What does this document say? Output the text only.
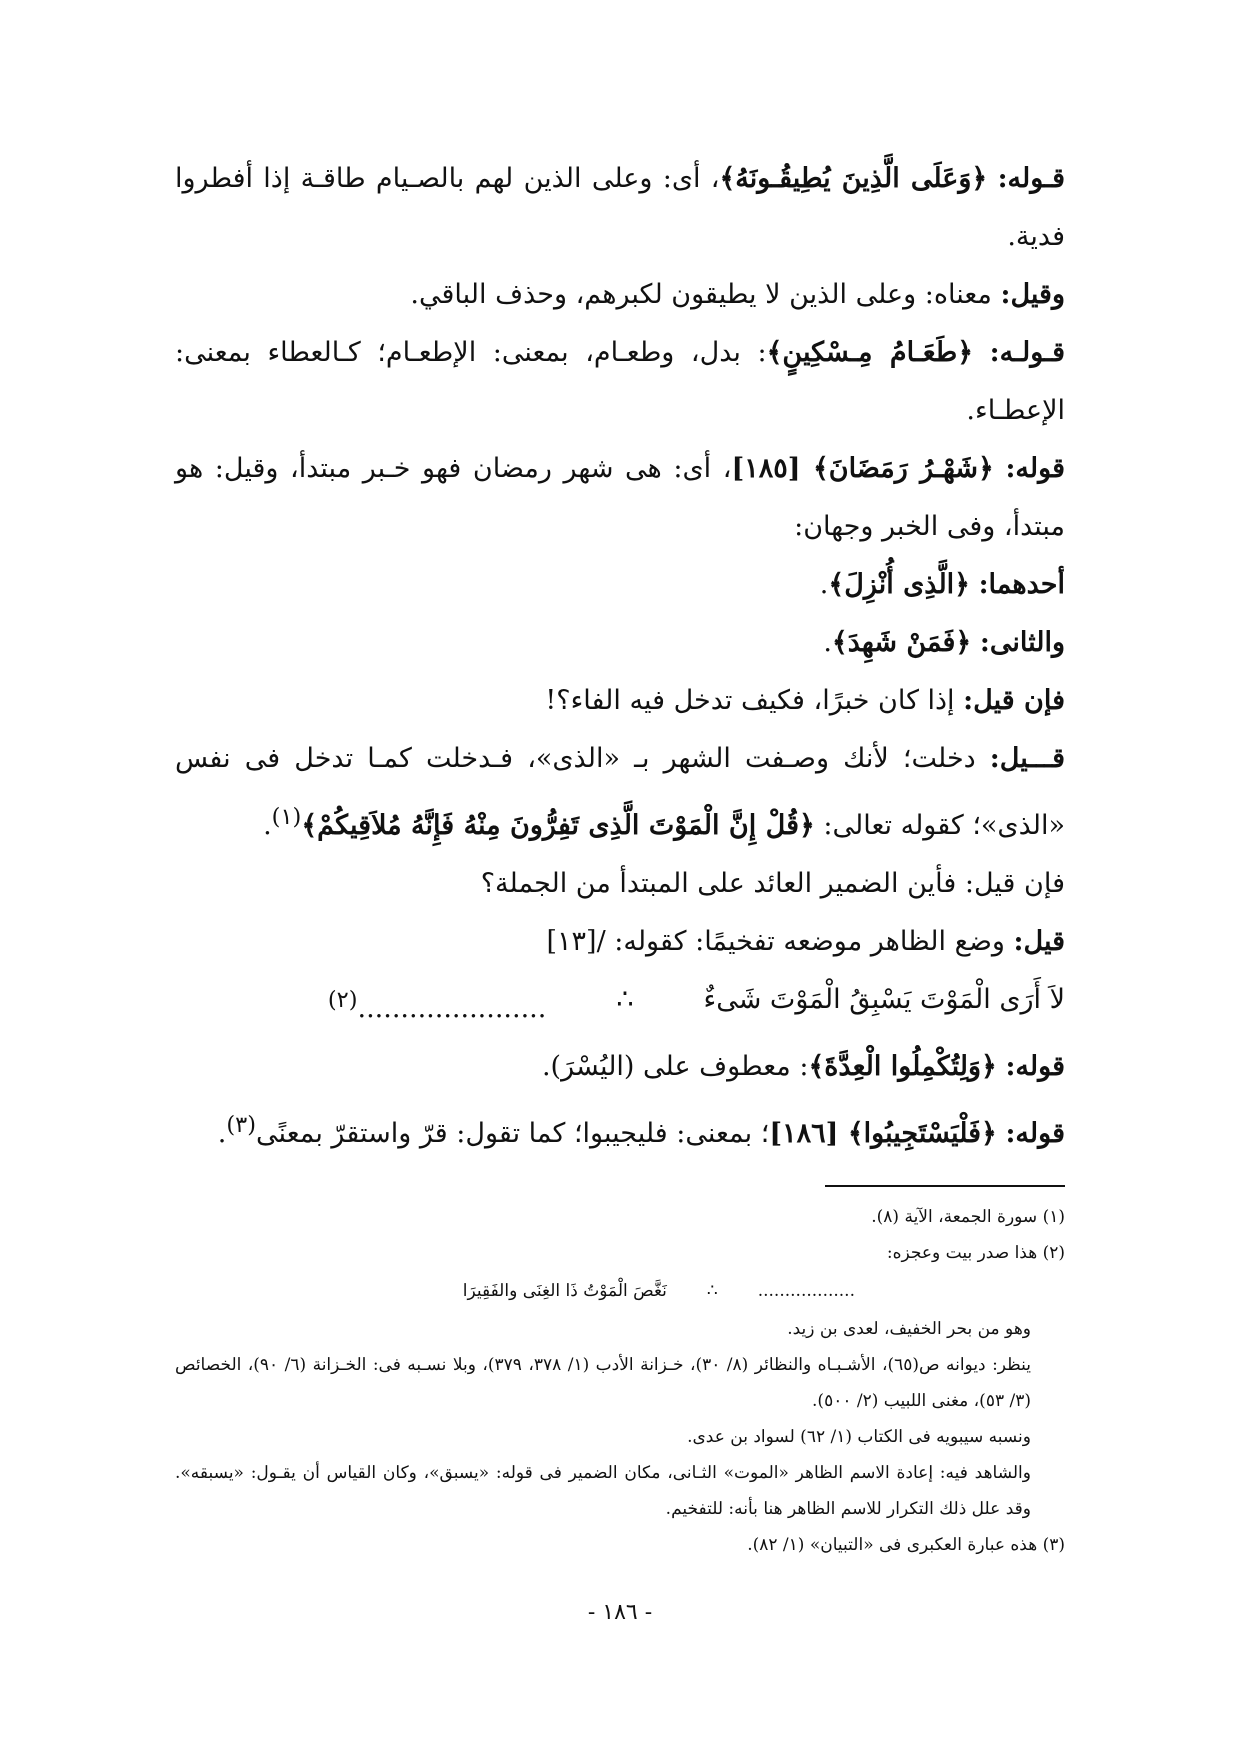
قـوله: ﴿وَعَلَى الَّذِينَ يُطِيقُـونَهُ﴾، أى: وعلى الذين لهم بالصـيام طاقـة إذا أفطروا فدية.

وقيل: معناه: وعلى الذين لا يطيقون لكبرهم، وحذف الباقي.

قـولـه: ﴿طَعَـامُ مِـسْكِينٍ﴾: بدل، وطعـام، بمعنى: الإطعـام؛ كـالعطاء بمعنى: الإعطـاء.

قوله: ﴿شَهْـرُ رَمَضَانَ﴾ [١٨٥]، أى: هى شهر رمضان فهو خـبر مبتدأ، وقيل: هو مبتدأ، وفى الخبر وجهان:

أحدهما: ﴿الَّذِى أُنْزِلَ﴾.

والثانى: ﴿فَمَنْ شَهِدَ﴾.

فإن قيل: إذا كان خبرًا، فكيف تدخل فيه الفاء؟!

قـــيل: دخلت؛ لأنك وصـفت الشهر بـ «الذى»، فـدخلت كمـا تدخل فى نفس «الذى»؛ كقوله تعالى: ﴿قُلْ إِنَّ الْمَوْتَ الَّذِى تَفِرُّونَ مِنْهُ فَإِنَّهُ مُلاَقِيكُمْ﴾$^{(١)}$.

فإن قيل: فأين الضمير العائد على المبتدأ من الجملة؟

قيل: وضع الظاهر موضعه تفخيمًا: كقوله: /[١٣]

لاَ أَرَى الْمَوْتَ يَسْبِقُ الْمَوْتَ شَىءٌ
∴
......................$^{(٢)}$

قوله: ﴿وَلِتُكْمِلُوا الْعِدَّةَ﴾: معطوف على (اليُسْرَ).

قوله: ﴿فَلْيَسْتَجِيبُوا﴾ [١٨٦]؛ بمعنى: فليجيبوا؛ كما تقول: قرّ واستقرّ بمعنًى$^{(٣)}$.

(١) سورة الجمعة، الآية (٨).

(٢) هذا صدر بيت وعجزه:

..................
∴
نَغَّصَ الْمَوْتُ ذَا الغِنَى والفَقِيرَا

وهو من بحر الخفيف، لعدى بن زيد.

ينظر: ديوانه ص(٦٥)، الأشـبـاه والنظائر (٨/ ٣٠)، خـزانة الأدب (١/ ٣٧٨، ٣٧٩)، وبلا نسـبه فى: الخـزانة (٦/ ٩٠)، الخصائص (٣/ ٥٣)، مغنى اللبيب (٢/ ٥٠٠).

ونسبه سيبويه فى الكتاب (١/ ٦٢) لسواد بن عدى.

والشاهد فيه: إعادة الاسم الظاهر «الموت» الثـانى، مكان الضمير فى قوله: «يسبق»، وكان القياس أن يقـول: «يسبقه». وقد علل ذلك التكرار للاسم الظاهر هنا بأنه: للتفخيم.

(٣) هذه عبارة العكبرى فى «التبيان» (١/ ٨٢).

- ١٨٦ -
